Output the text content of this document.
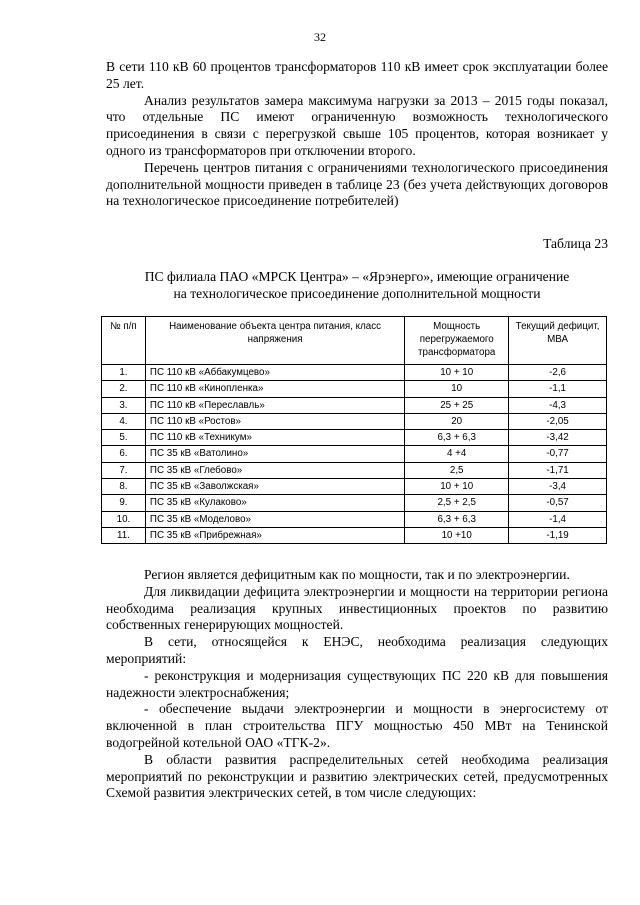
32

В сети 110 кВ 60 процентов трансформаторов 110 кВ имеет срок эксплуатации более 25 лет.

Анализ результатов замера максимума нагрузки за 2013 – 2015 годы показал, что отдельные ПС имеют ограниченную возможность технологического присоединения в связи с перегрузкой свыше 105 процентов, которая возникает у одного из трансформаторов при отключении второго.

Перечень центров питания с ограничениями технологического присоединения дополнительной мощности приведен в таблице 23 (без учета действующих договоров на технологическое присоединение потребителей)

Таблица 23
ПС филиала ПАО «МРСК Центра» – «Ярэнерго», имеющие ограничение
на технологическое присоединение дополнительной мощности
№ п/п	Наименование объекта центра питания, класс напряжения	Мощность перегружаемого трансформатора	Текущий дефицит, МВА
1.	ПС 110 кВ «Аббакумцево»	10 + 10	-2,6
2.	ПС 110 кВ «Кинопленка»	10	-1,1
3.	ПС 110 кВ «Переславль»	25 + 25	-4,3
4.	ПС 110 кВ «Ростов»	20	-2,05
5.	ПС 110 кВ «Техникум»	6,3 + 6,3	-3,42
6.	ПС 35 кВ «Ватолино»	4 +4	-0,77
7.	ПС 35 кВ «Глебово»	2,5	-1,71
8.	ПС 35 кВ «Заволжская»	10 + 10	-3,4
9.	ПС 35 кВ «Кулаково»	2,5 + 2,5	-0,57
10.	ПС 35 кВ «Моделово»	6,3 + 6,3	-1,4
11.	ПС 35 кВ «Прибрежная»	10 +10	-1,19

Регион является дефицитным как по мощности, так и по электроэнергии.

Для ликвидации дефицита электроэнергии и мощности на территории региона необходима реализация крупных инвестиционных проектов по развитию собственных генерирующих мощностей.

В сети, относящейся к ЕНЭС, необходима реализация следующих мероприятий:

- реконструкция и модернизация существующих ПС 220 кВ для повышения надежности электроснабжения;

- обеспечение выдачи электроэнергии и мощности в энергосистему от включенной в план строительства ПГУ мощностью 450 МВт на Тенинской водогрейной котельной ОАО «ТГК-2».

В области развития распределительных сетей необходима реализация мероприятий по реконструкции и развитию электрических сетей, предусмотренных Схемой развития электрических сетей, в том числе следующих:
